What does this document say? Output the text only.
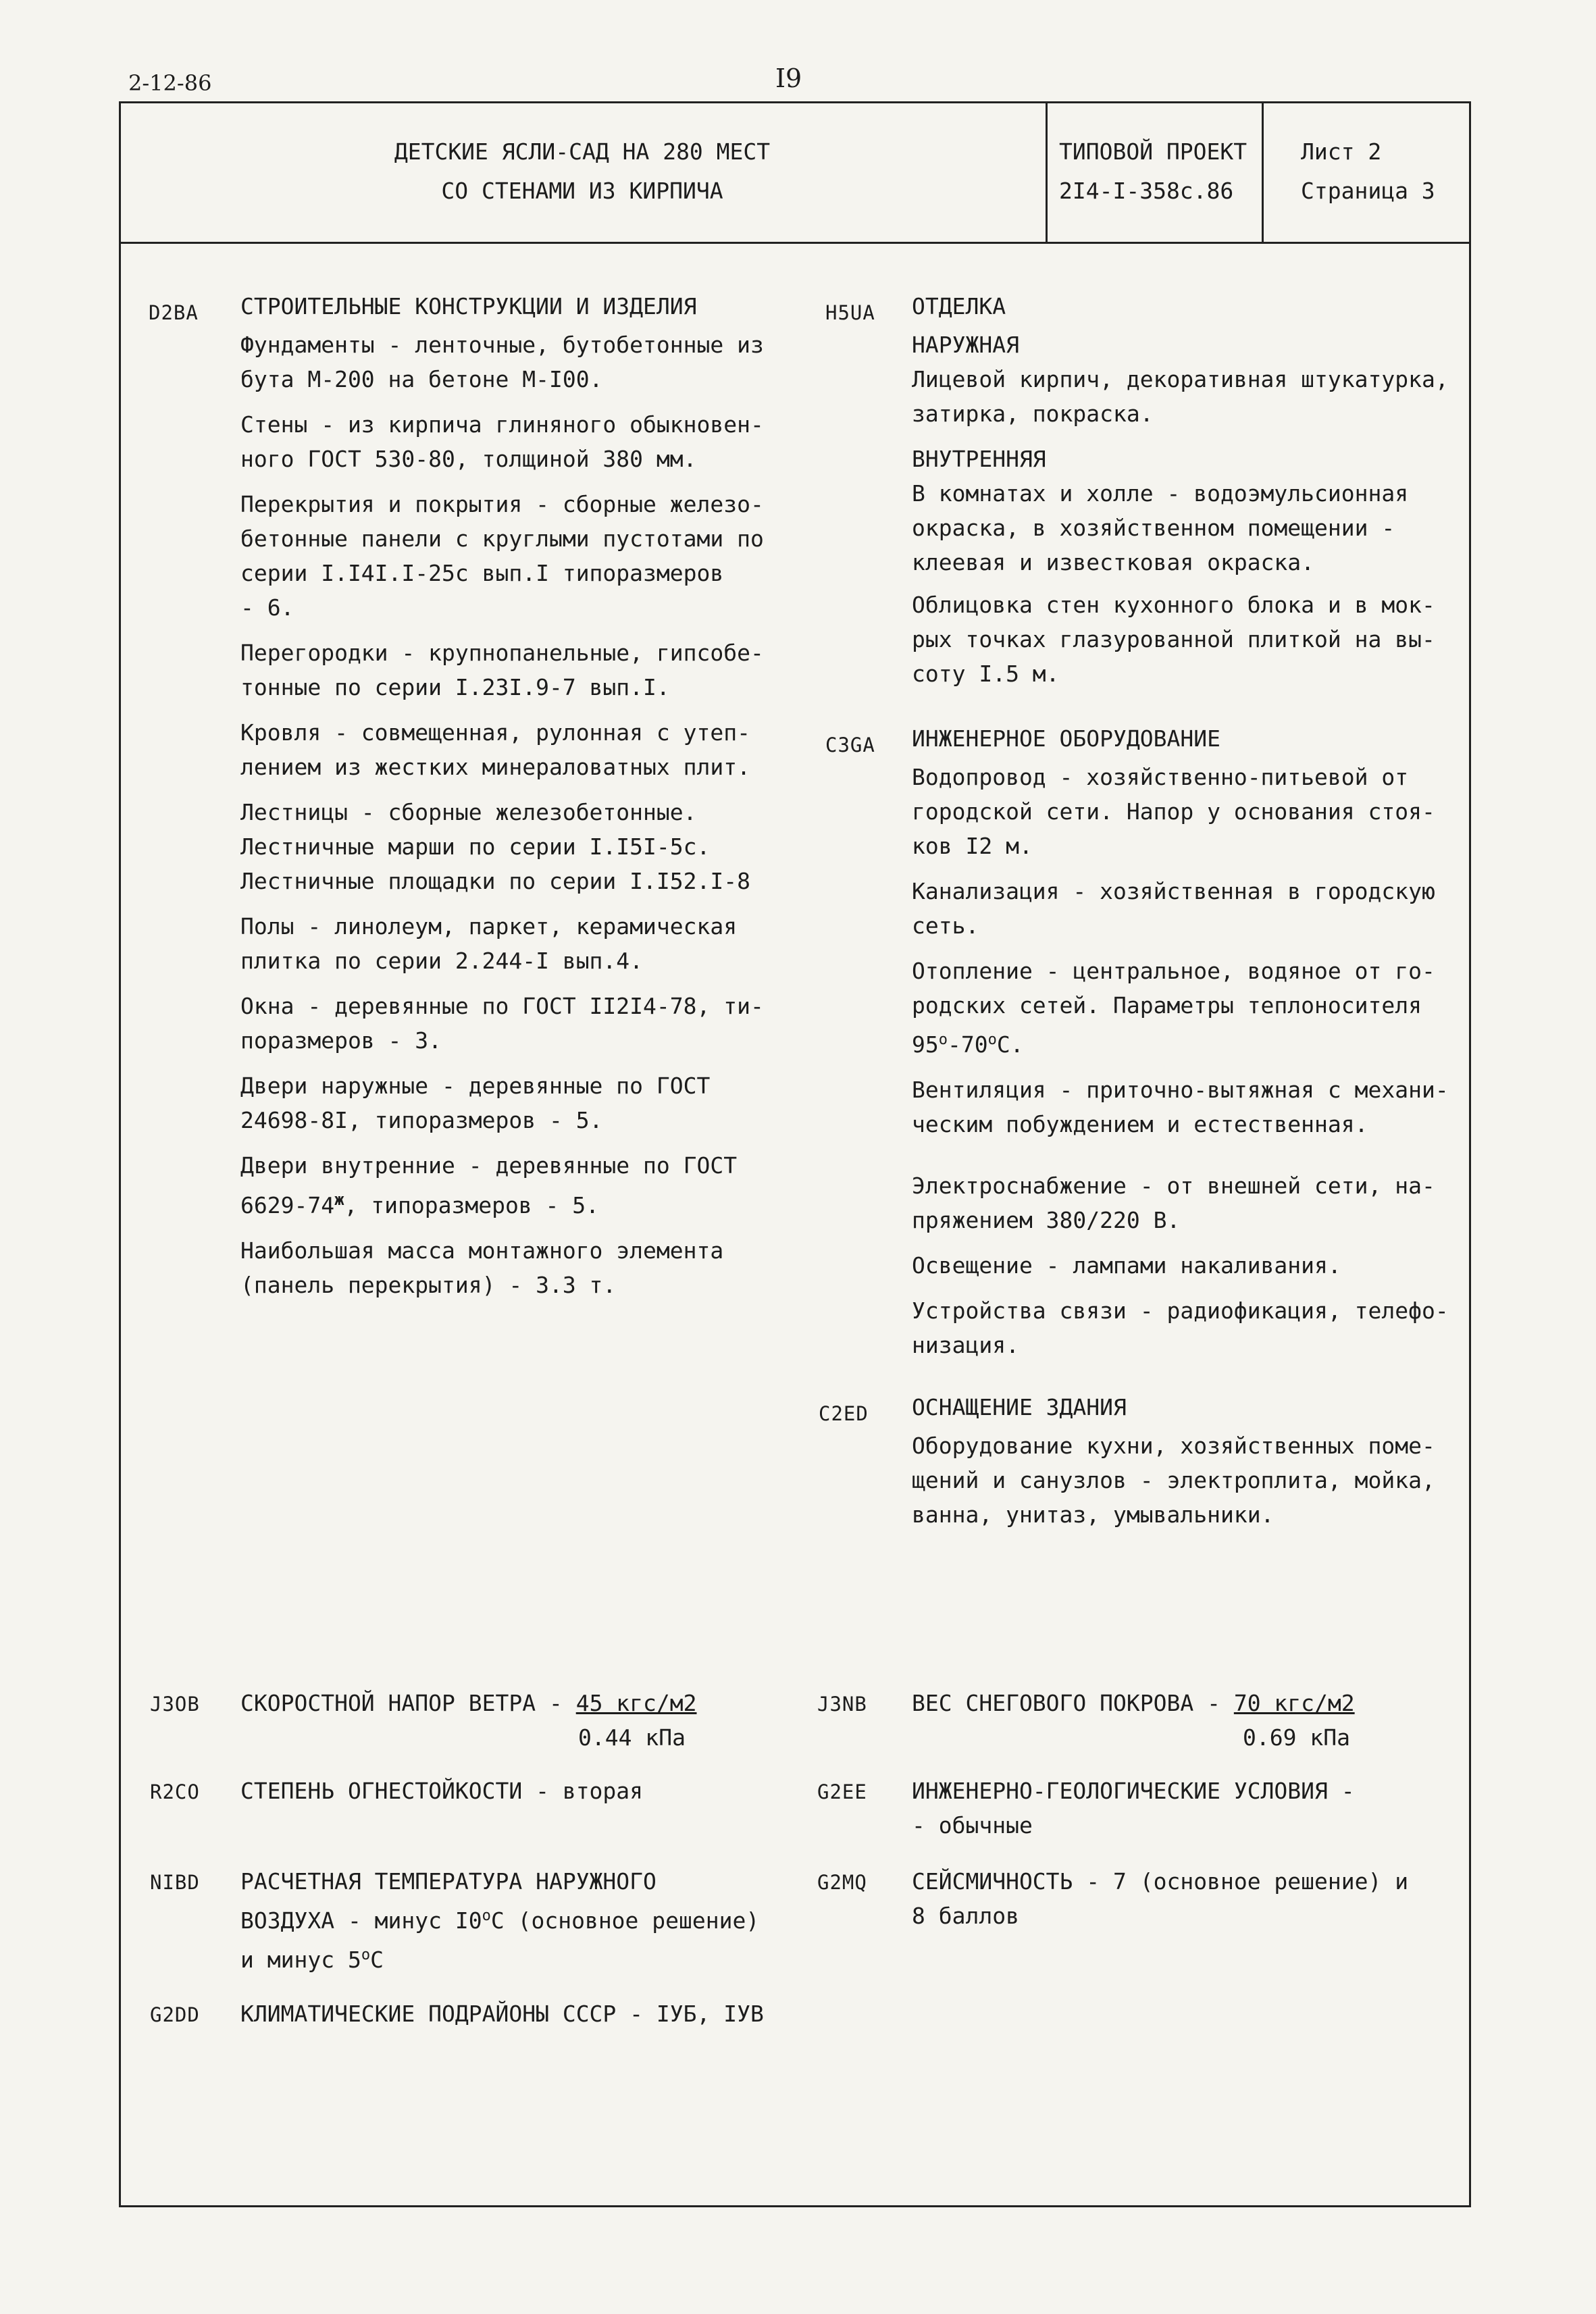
2-12-86	I9
ДЕТСКИЕ ЯСЛИ-САД НА 280 МЕСТ
СО СТЕНАМИ ИЗ КИРПИЧА
ТИПОВОЙ ПРОЕКТ
2I4-I-358с.86
Лист 2
Страница 3
D2BA СТРОИТЕЛЬНЫЕ КОНСТРУКЦИИ И ИЗДЕЛИЯ

Фундаменты - ленточные, бутобетонные из
бута М-200 на бетоне М-I00.

Стены - из кирпича глиняного обыкновен-
ного ГОСТ 530-80, толщиной 380 мм.

Перекрытия и покрытия - сборные железо-
бетонные панели с круглыми пустотами по
серии I.I4I.I-25с вып.I типоразмеров
- 6.

Перегородки - крупнопанельные, гипсобе-
тонные по серии I.23I.9-7 вып.I.

Кровля - совмещенная, рулонная с утеп-
лением из жестких минераловатных плит.

Лестницы - сборные железобетонные.
Лестничные марши по серии I.I5I-5с.
Лестничные площадки по серии I.I52.I-8

Полы - линолеум, паркет, керамическая
плитка по серии 2.244-I вып.4.

Окна - деревянные по ГОСТ II2I4-78, ти-
поразмеров - 3.

Двери наружные - деревянные по ГОСТ
24698-8I, типоразмеров - 5.

Двери внутренние - деревянные по ГОСТ
$6629-74^ж$, типоразмеров - 5.

Наибольшая масса монтажного элемента
(панель перекрытия) - 3.3 т.

H5UA ОТДЕЛКА

НАРУЖНАЯ

Лицевой кирпич, декоративная штукатурка,
затирка, покраска.

ВНУТРЕННЯЯ

В комнатах и холле - водоэмульсионная
окраска, в хозяйственном помещении -
клеевая и известковая окраска.

Облицовка стен кухонного блока и в мок-
рых точках глазурованной плиткой на вы-
соту I.5 м.

C3GA ИНЖЕНЕРНОЕ ОБОРУДОВАНИЕ

Водопровод - хозяйственно-питьевой от
городской сети. Напор у основания стоя-
ков I2 м.

Канализация - хозяйственная в городскую
сеть.

Отопление - центральное, водяное от го-
родских сетей. Параметры теплоносителя
$95^о-70^оС$.

Вентиляция - приточно-вытяжная с механи-
ческим побуждением и естественная.

Электроснабжение - от внешней сети, на-
пряжением 380/220 В.

Освещение - лампами накаливания.

Устройства связи - радиофикация, телефо-
низация.

C2ED ОСНАЩЕНИЕ ЗДАНИЯ

Оборудование кухни, хозяйственных поме-
щений и санузлов - электроплита, мойка,
ванна, унитаз, умывальники.

J3OB СКОРОСТНОЙ НАПОР ВЕТРА - 45 кгс/м2
0.44 кПа
J3NB ВЕС СНЕГОВОГО ПОКРОВА - 70 кгс/м2
0.69 кПа
R2CO СТЕПЕНЬ ОГНЕСТОЙКОСТИ - вторая	G2EE ИНЖЕНЕРНО-ГЕОЛОГИЧЕСКИЕ УСЛОВИЯ -
- обычные
NIBD РАСЧЕТНАЯ ТЕМПЕРАТУРА НАРУЖНОГО
ВОЗДУХА - минус $I0^оС$ (основное решение)
и минус $5^оС$
G2MQ СЕЙСМИЧНОСТЬ - 7 (основное решение) и
8 баллов
G2DD КЛИМАТИЧЕСКИЕ ПОДРАЙОНЫ СССР - IУБ, IУВ
